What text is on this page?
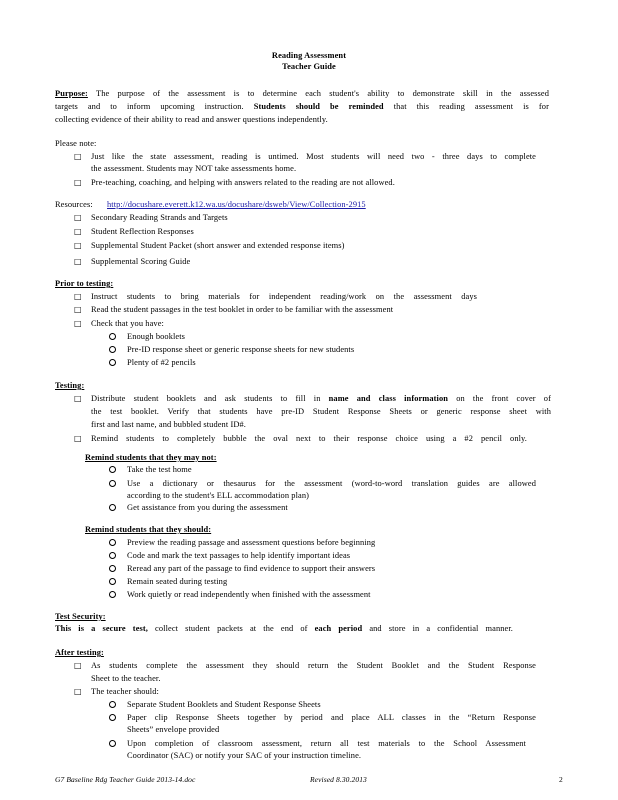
Reading Assessment
Teacher Guide
Purpose: The purpose of the assessment is to determine each student's ability to demonstrate skill in the assessed
targets and to inform upcoming instruction. Students should be reminded that this reading assessment is for
collecting evidence of their ability to read and answer questions independently.
Please note:
□ Just like the state assessment, reading is untimed. Most students will need two - three days to complete
the assessment. Students may NOT take assessments home.
□ Pre-teaching, coaching, and helping with answers related to the reading are not allowed.
Resources: http://docushare.everett.k12.wa.us/docushare/dsweb/View/Collection-2915
□ Secondary Reading Strands and Targets
□ Student Reflection Responses
□ Supplemental Student Packet (short answer and extended response items)
□ Supplemental Scoring Guide
Prior to testing:
□ Instruct students to bring materials for independent reading/work on the assessment days
□ Read the student passages in the test booklet in order to be familiar with the assessment
□ Check that you have:
Enough booklets
Pre-ID response sheet or generic response sheets for new students
Plenty of #2 pencils
Testing:
□ Distribute student booklets and ask students to fill in name and class information on the front cover of
the test booklet. Verify that students have pre-ID Student Response Sheets or generic response sheet with
first and last name, and bubbled student ID#.
□ Remind students to completely bubble the oval next to their response choice using a #2 pencil only.
Remind students that they may not:
Take the test home
Use a dictionary or thesaurus for the assessment (word-to-word translation guides are allowed
according to the student's ELL accommodation plan)
Get assistance from you during the assessment
Remind students that they should:
Preview the reading passage and assessment questions before beginning
Code and mark the text passages to help identify important ideas
Reread any part of the passage to find evidence to support their answers
Remain seated during testing
Work quietly or read independently when finished with the assessment
Test Security:
This is a secure test, collect student packets at the end of each period and store in a confidential manner.
After testing:
□ As students complete the assessment they should return the Student Booklet and the Student Response
Sheet to the teacher.
□ The teacher should:
Separate Student Booklets and Student Response Sheets
Paper clip Response Sheets together by period and place ALL classes in the “Return Response
Sheets” envelope provided
Upon completion of classroom assessment, return all test materials to the School Assessment
Coordinator (SAC) or notify your SAC of your instruction timeline.
G7 Baseline Rdg Teacher Guide 2013-14.doc	Revised 8.30.2013	2
